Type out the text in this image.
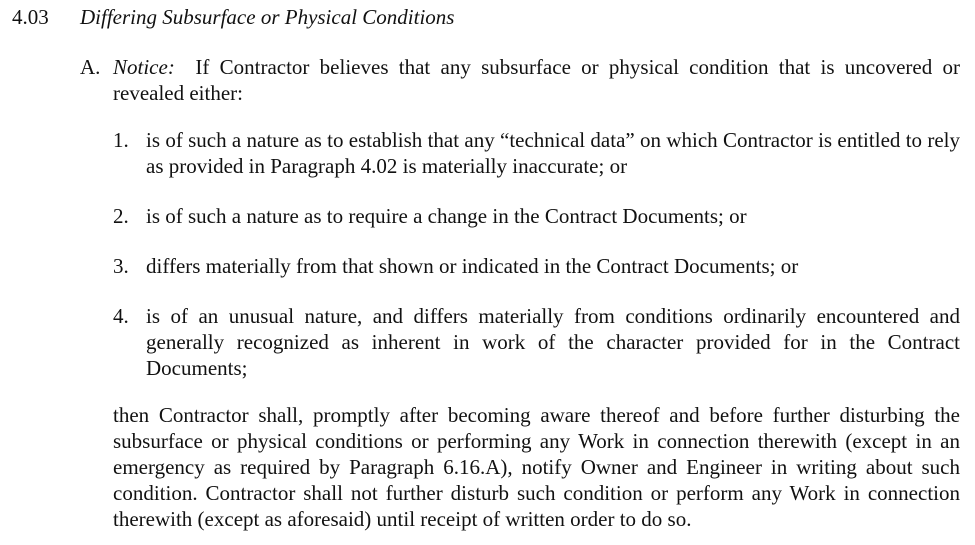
4.03 Differing Subsurface or Physical Conditions
A. Notice: If Contractor believes that any subsurface or physical condition that is uncovered or revealed either:
1. is of such a nature as to establish that any “technical data” on which Contractor is entitled to rely as provided in Paragraph 4.02 is materially inaccurate; or
2. is of such a nature as to require a change in the Contract Documents; or
3. differs materially from that shown or indicated in the Contract Documents; or
4. is of an unusual nature, and differs materially from conditions ordinarily encountered and generally recognized as inherent in work of the character provided for in the Contract Documents;
then Contractor shall, promptly after becoming aware thereof and before further disturbing the subsurface or physical conditions or performing any Work in connection therewith (except in an emergency as required by Paragraph 6.16.A), notify Owner and Engineer in writing about such condition. Contractor shall not further disturb such condition or perform any Work in connection therewith (except as aforesaid) until receipt of written order to do so.
